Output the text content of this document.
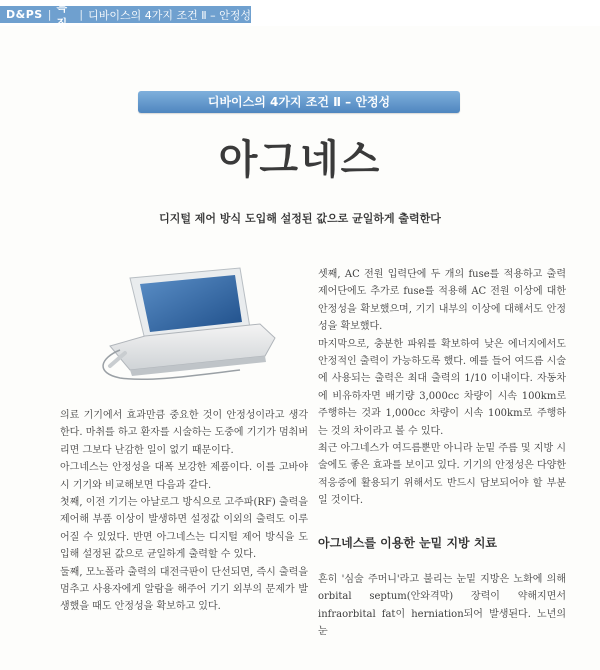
D&PS |
특집
| 디바이스의 4가지 조건 Ⅱ – 안정성
디바이스의 4가지 조건 Ⅱ – 안정성
아그네스
디지털 제어 방식 도입해 설정된 값으로 균일하게 출력한다

의료 기기에서 효과만큼 중요한 것이 안정성이라고 생각한다. 마취를 하고 환자를 시술하는 도중에 기기가 멈춰버리면 그보다 난감한 일이 없기 때문이다.

아그네스는 안정성을 대폭 보강한 제품이다. 이를 고바야시 기기와 비교해보면 다음과 같다.

첫째, 이전 기기는 아날로그 방식으로 고주파(RF) 출력을 제어해 부품 이상이 발생하면 설정값 이외의 출력도 이루어질 수 있었다. 반면 아그네스는 디지털 제어 방식을 도입해 설정된 값으로 균일하게 출력할 수 있다.

둘째, 모노폴라 출력의 대전극판이 단선되면, 즉시 출력을 멈추고 사용자에게 알람을 해주어 기기 외부의 문제가 발생했을 때도 안정성을 확보하고 있다.

셋째, AC 전원 입력단에 두 개의 fuse를 적용하고 출력 제어단에도 추가로 fuse를 적용해 AC 전원 이상에 대한 안정성을 확보했으며, 기기 내부의 이상에 대해서도 안정성을 확보했다.

마지막으로, 충분한 파워를 확보하여 낮은 에너지에서도 안정적인 출력이 가능하도록 했다. 예를 들어 여드름 시술에 사용되는 출력은 최대 출력의 1/10 이내이다. 자동차에 비유하자면 배기량 3,000cc 차량이 시속 100km로 주행하는 것과 1,000cc 차량이 시속 100km로 주행하는 것의 차이라고 볼 수 있다.

최근 아그네스가 여드름뿐만 아니라 눈밑 주름 및 지방 시술에도 좋은 효과를 보이고 있다. 기기의 안정성은 다양한 적응증에 활용되기 위해서도 반드시 담보되어야 할 부분일 것이다.

아그네스를 이용한 눈밑 지방 치료

흔히 '심술 주머니'라고 불리는 눈밑 지방은 노화에 의해 orbital septum(안와격막) 장력이 약해지면서 infraorbital fat이 herniation되어 발생된다. 노년의 눈
